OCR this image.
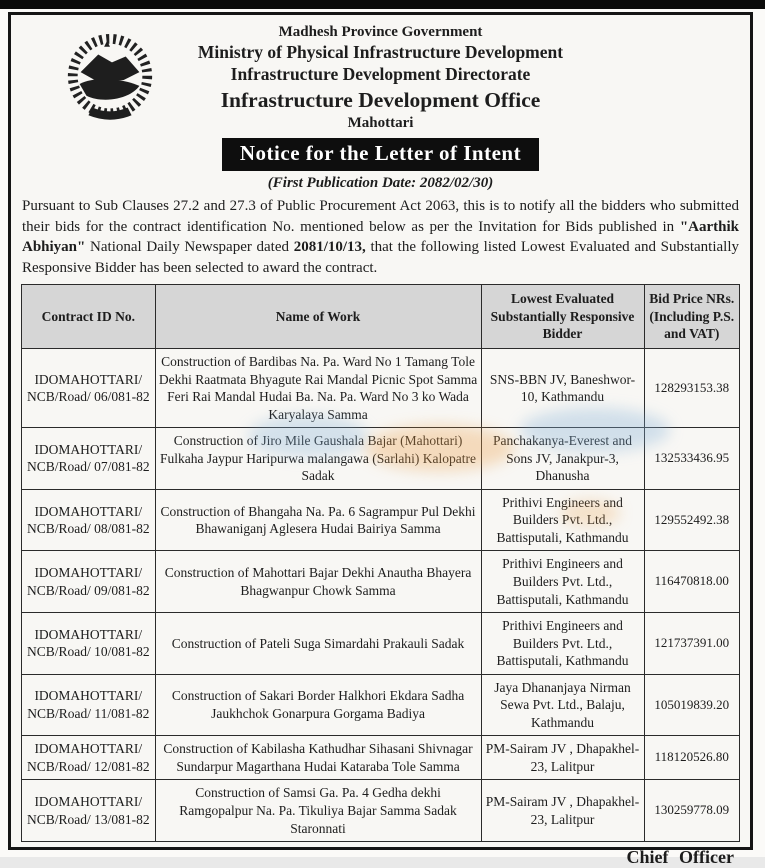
Madhesh Province Government
Ministry of Physical Infrastructure Development
Infrastructure Development Directorate
Infrastructure Development Office
Mahottari
Notice for the Letter of Intent
(First Publication Date: 2082/02/30)
Pursuant to Sub Clauses 27.2 and 27.3 of Public Procurement Act 2063, this is to notify all the bidders who submitted their bids for the contract identification No. mentioned below as per the Invitation for Bids published in "Aarthik Abhiyan" National Daily Newspaper dated 2081/10/13, that the following listed Lowest Evaluated and Substantially Responsive Bidder has been selected to award the contract.
Contract ID No.	Name of Work	Lowest Evaluated Substantially Responsive Bidder	Bid Price NRs. (Including P.S. and VAT)
IDOMAHOTTARI/ NCB/Road/ 06/081-82	Construction of Bardibas Na. Pa. Ward No 1 Tamang Tole Dekhi Raatmata Bhyagute Rai Mandal Picnic Spot Samma Feri Rai Mandal Hudai Ba. Na. Pa. Ward No 3 ko Wada Karyalaya Samma	SNS-BBN JV, Baneshwor-10, Kathmandu	128293153.38
IDOMAHOTTARI/ NCB/Road/ 07/081-82	Construction of Jiro Mile Gaushala Bajar (Mahottari) Fulkaha Jaypur Haripurwa malangawa (Sarlahi) Kalopatre Sadak	Panchakanya-Everest and Sons JV, Janakpur-3, Dhanusha	132533436.95
IDOMAHOTTARI/ NCB/Road/ 08/081-82	Construction of Bhangaha Na. Pa. 6 Sagrampur Pul Dekhi Bhawaniganj Aglesera Hudai Bairiya Samma	Prithivi Engineers and Builders Pvt. Ltd., Battisputali, Kathmandu	129552492.38
IDOMAHOTTARI/ NCB/Road/ 09/081-82	Construction of Mahottari Bajar Dekhi Anautha Bhayera Bhagwanpur Chowk Samma	Prithivi Engineers and Builders Pvt. Ltd., Battisputali, Kathmandu	116470818.00
IDOMAHOTTARI/ NCB/Road/ 10/081-82	Construction of Pateli Suga Simardahi Prakauli Sadak	Prithivi Engineers and Builders Pvt. Ltd., Battisputali, Kathmandu	121737391.00
IDOMAHOTTARI/ NCB/Road/ 11/081-82	Construction of Sakari Border Halkhori Ekdara Sadha Jaukhchok Gonarpura Gorgama Badiya	Jaya Dhananjaya Nirman Sewa Pvt. Ltd., Balaju, Kathmandu	105019839.20
IDOMAHOTTARI/ NCB/Road/ 12/081-82	Construction of Kabilasha Kathudhar Sihasani Shivnagar Sundarpur Magarthana Hudai Kataraba Tole Samma	PM-Sairam JV , Dhapakhel-23, Lalitpur	118120526.80
IDOMAHOTTARI/ NCB/Road/ 13/081-82	Construction of Samsi Ga. Pa. 4 Gedha dekhi Ramgopalpur Na. Pa. Tikuliya Bajar Samma Sadak Staronnati	PM-Sairam JV , Dhapakhel-23, Lalitpur	130259778.09
Chief Officer
